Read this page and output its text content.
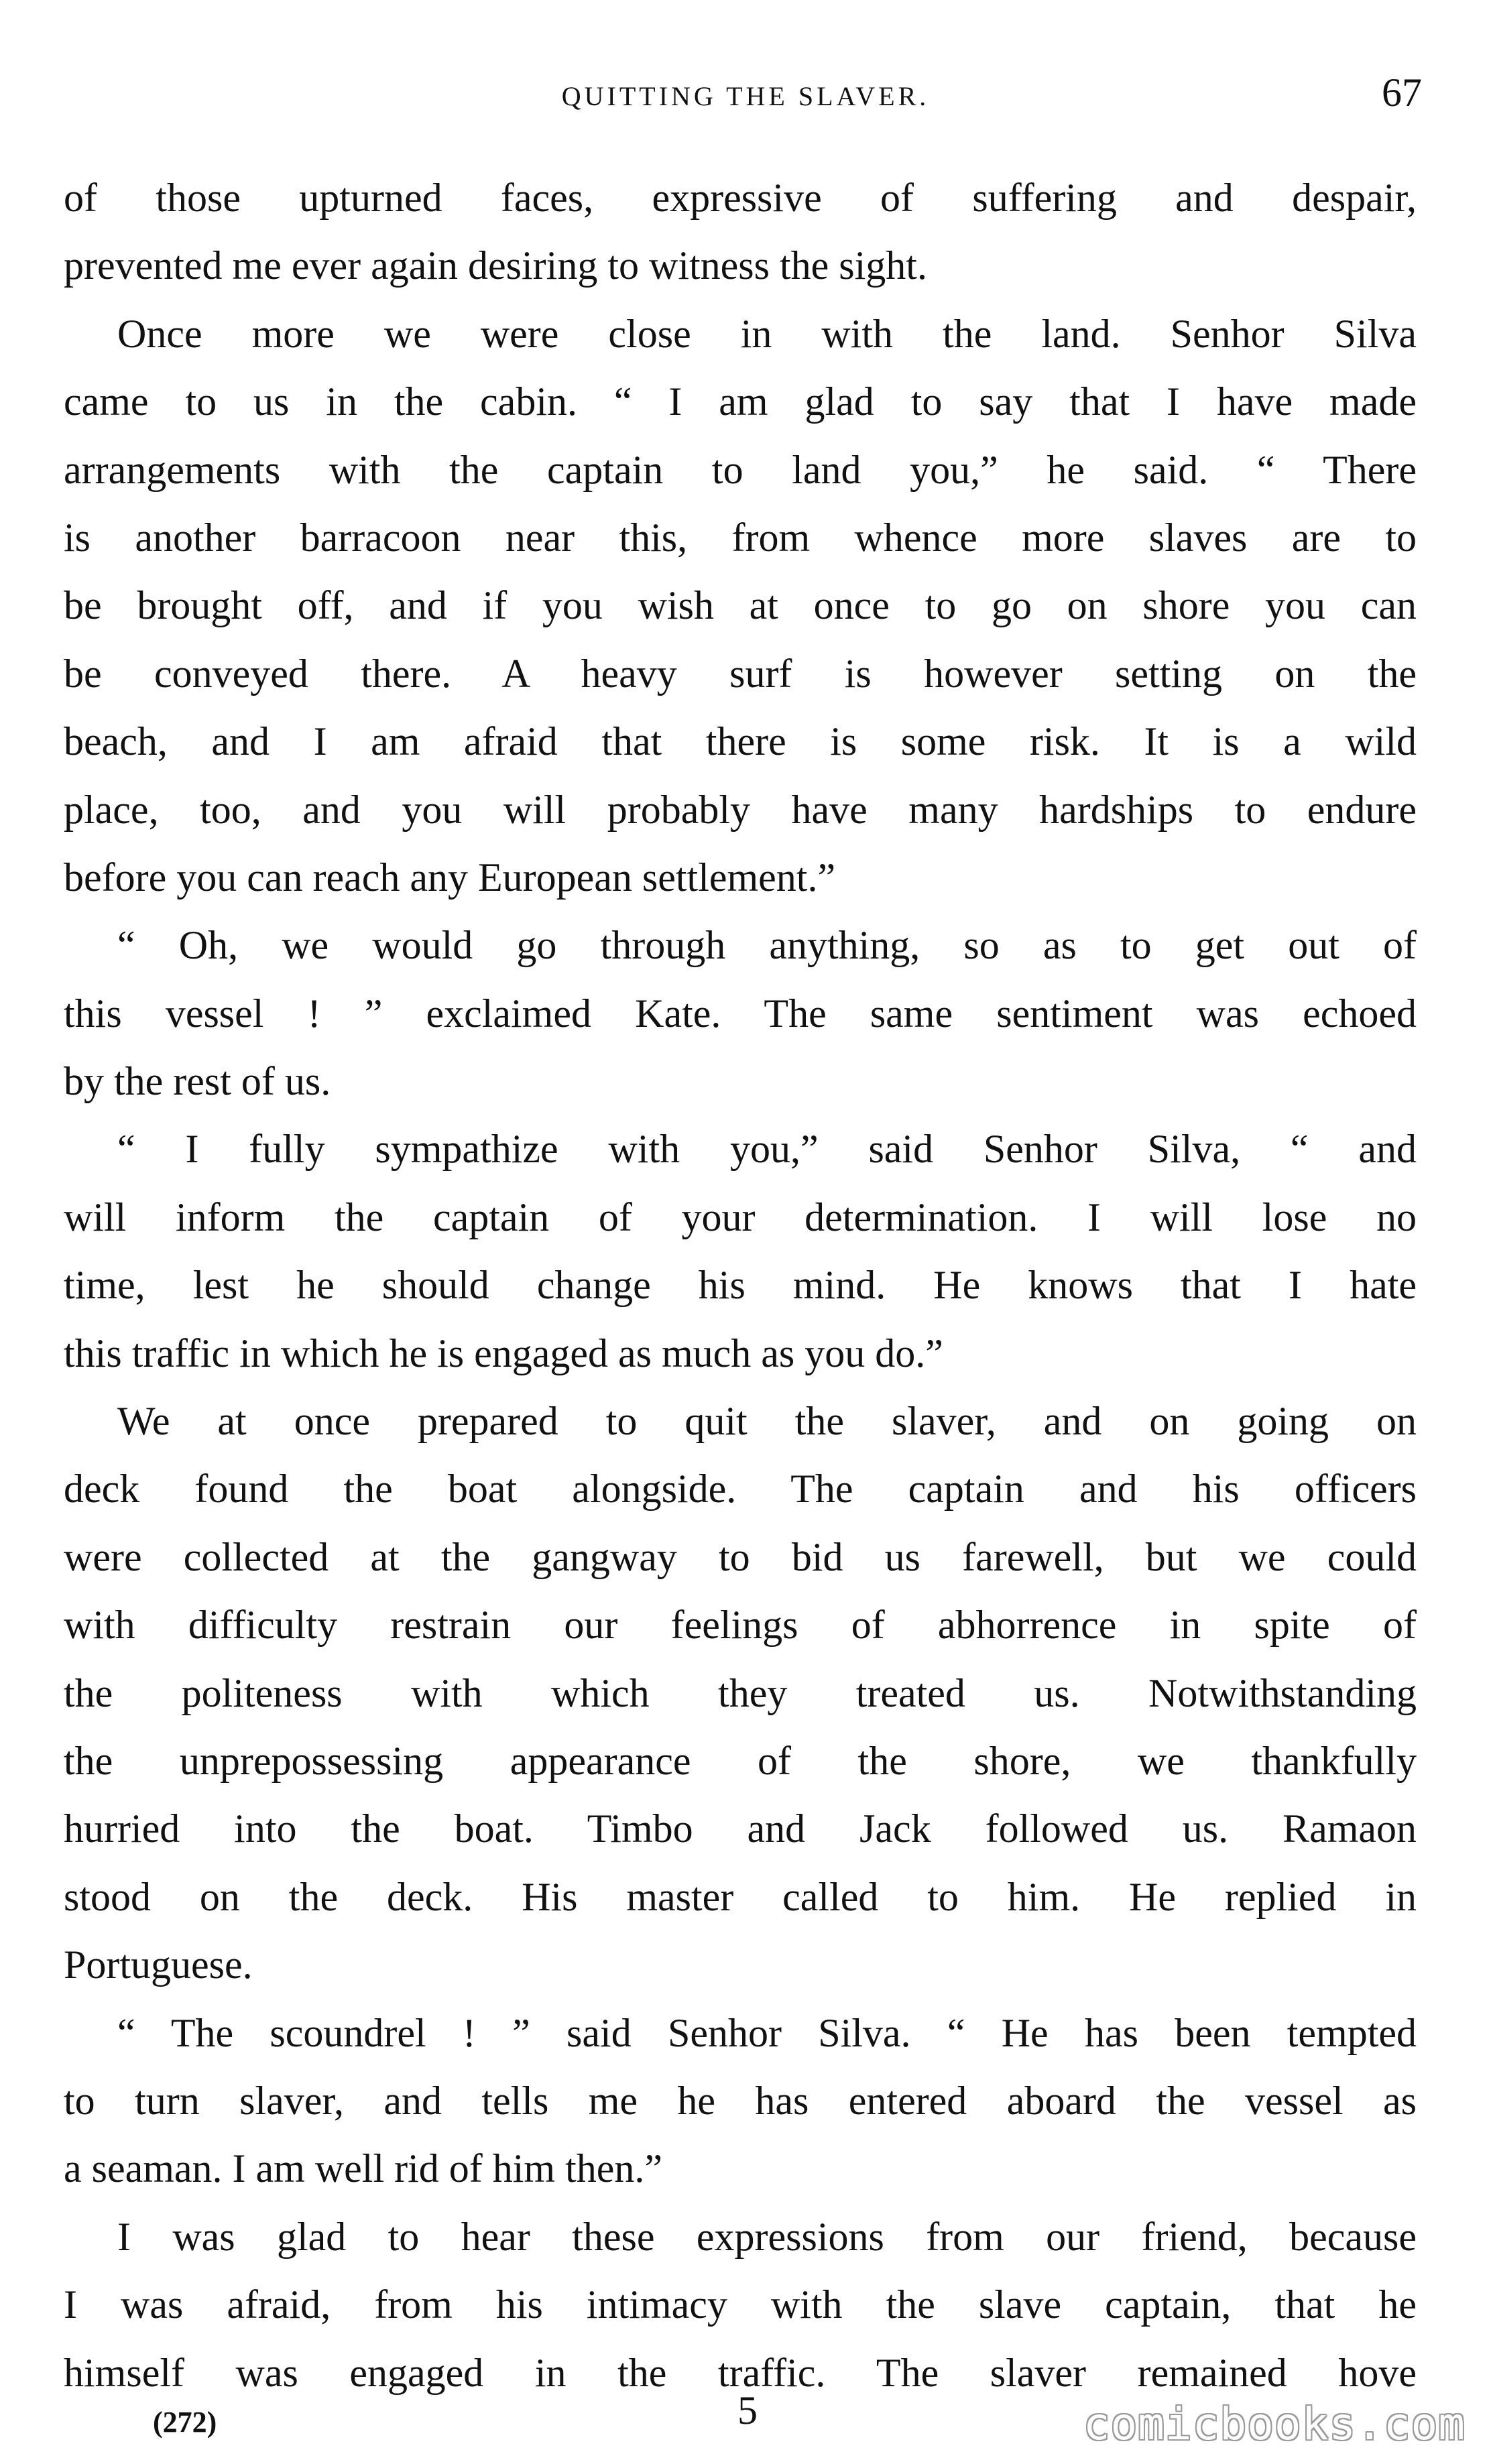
QUITTING THE SLAVER.	67
of those upturned faces, expressive of suffering and despair,
prevented me ever again desiring to witness the sight.
Once more we were close in with the land. Senhor Silva
came to us in the cabin. “ I am glad to say that I have made
arrangements with the captain to land you,” he said. “ There
is another barracoon near this, from whence more slaves are to
be brought off, and if you wish at once to go on shore you can
be conveyed there. A heavy surf is however setting on the
beach, and I am afraid that there is some risk. It is a wild
place, too, and you will probably have many hardships to endure
before you can reach any European settlement.”
“ Oh, we would go through anything, so as to get out of
this vessel ! ” exclaimed Kate. The same sentiment was echoed
by the rest of us.
“ I fully sympathize with you,” said Senhor Silva, “ and
will inform the captain of your determination. I will lose no
time, lest he should change his mind. He knows that I hate
this traffic in which he is engaged as much as you do.”
We at once prepared to quit the slaver, and on going on
deck found the boat alongside. The captain and his officers
were collected at the gangway to bid us farewell, but we could
with difficulty restrain our feelings of abhorrence in spite of
the politeness with which they treated us. Notwithstanding
the unprepossessing appearance of the shore, we thankfully
hurried into the boat. Timbo and Jack followed us. Ramaon
stood on the deck. His master called to him. He replied in
Portuguese.
“ The scoundrel ! ” said Senhor Silva. “ He has been tempted
to turn slaver, and tells me he has entered aboard the vessel as
a seaman. I am well rid of him then.”
I was glad to hear these expressions from our friend, because
I was afraid, from his intimacy with the slave captain, that he
himself was engaged in the traffic. The slaver remained hove
(272)	5	comicbooks.com
